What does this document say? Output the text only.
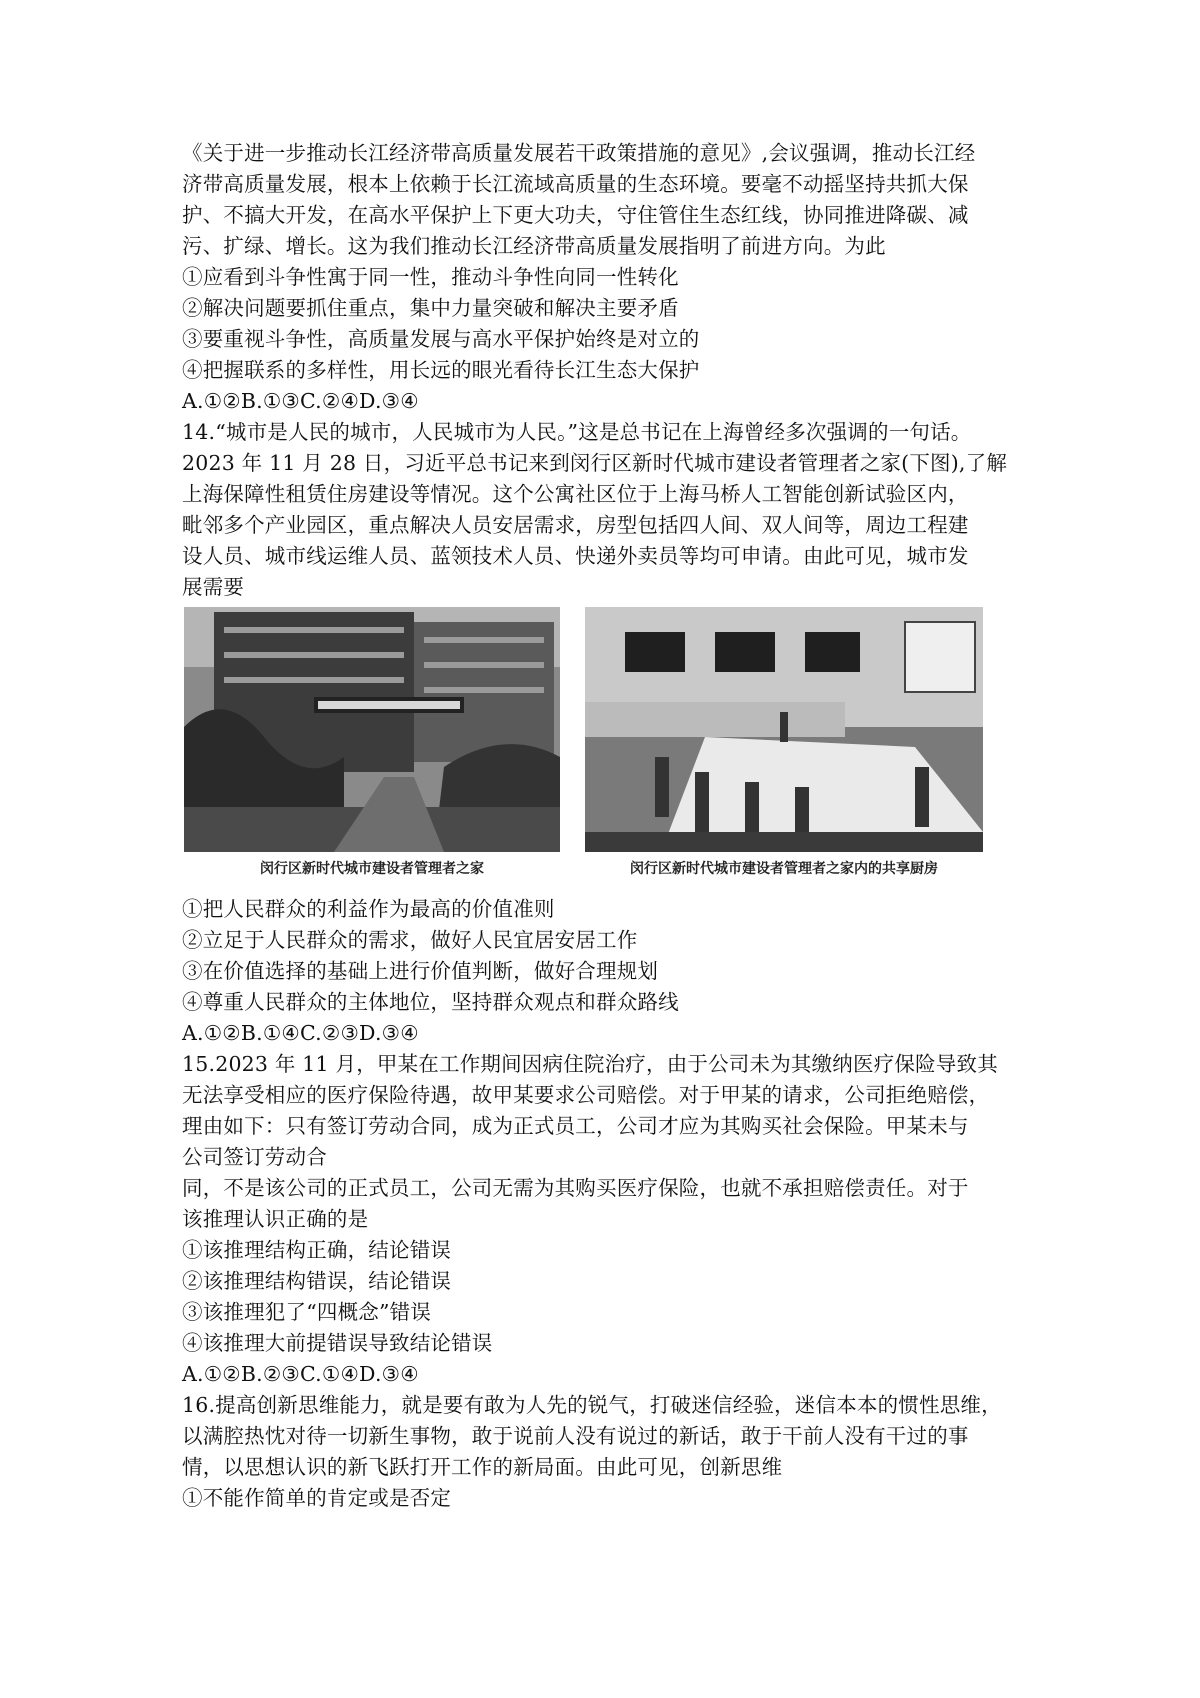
《关于进一步推动长江经济带高质量发展若干政策措施的意见》,会议强调，推动长江经
济带高质量发展，根本上依赖于长江流域高质量的生态环境。要毫不动摇坚持共抓大保
护、不搞大开发，在高水平保护上下更大功夫，守住管住生态红线，协同推进降碳、减
污、扩绿、增长。这为我们推动长江经济带高质量发展指明了前进方向。为此
①应看到斗争性寓于同一性，推动斗争性向同一性转化
②解决问题要抓住重点，集中力量突破和解决主要矛盾
③要重视斗争性，高质量发展与高水平保护始终是对立的
④把握联系的多样性，用长远的眼光看待长江生态大保护
A.①②B.①③C.②④D.③④
14.“城市是人民的城市，人民城市为人民。”这是总书记在上海曾经多次强调的一句话。
2023 年 11 月 28 日，习近平总书记来到闵行区新时代城市建设者管理者之家(下图),了解
上海保障性租赁住房建设等情况。这个公寓社区位于上海马桥人工智能创新试验区内，
毗邻多个产业园区，重点解决人员安居需求，房型包括四人间、双人间等，周边工程建
设人员、城市线运维人员、蓝领技术人员、快递外卖员等均可申请。由此可见，城市发
展需要
闵行区新时代城市建设者管理者之家	闵行区新时代城市建设者管理者之家内的共享厨房
①把人民群众的利益作为最高的价值准则
②立足于人民群众的需求，做好人民宜居安居工作
③在价值选择的基础上进行价值判断，做好合理规划
④尊重人民群众的主体地位，坚持群众观点和群众路线
A.①②B.①④C.②③D.③④
15.2023 年 11 月，甲某在工作期间因病住院治疗，由于公司未为其缴纳医疗保险导致其
无法享受相应的医疗保险待遇，故甲某要求公司赔偿。对于甲某的请求，公司拒绝赔偿，
理由如下：只有签订劳动合同，成为正式员工，公司才应为其购买社会保险。甲某未与
公司签订劳动合
同，不是该公司的正式员工，公司无需为其购买医疗保险，也就不承担赔偿责任。对于
该推理认识正确的是
①该推理结构正确，结论错误
②该推理结构错误，结论错误
③该推理犯了“四概念”错误
④该推理大前提错误导致结论错误
A.①②B.②③C.①④D.③④
16.提高创新思维能力，就是要有敢为人先的锐气，打破迷信经验，迷信本本的惯性思维，
以满腔热忱对待一切新生事物，敢于说前人没有说过的新话，敢于干前人没有干过的事
情，以思想认识的新飞跃打开工作的新局面。由此可见，创新思维
①不能作简单的肯定或是否定
